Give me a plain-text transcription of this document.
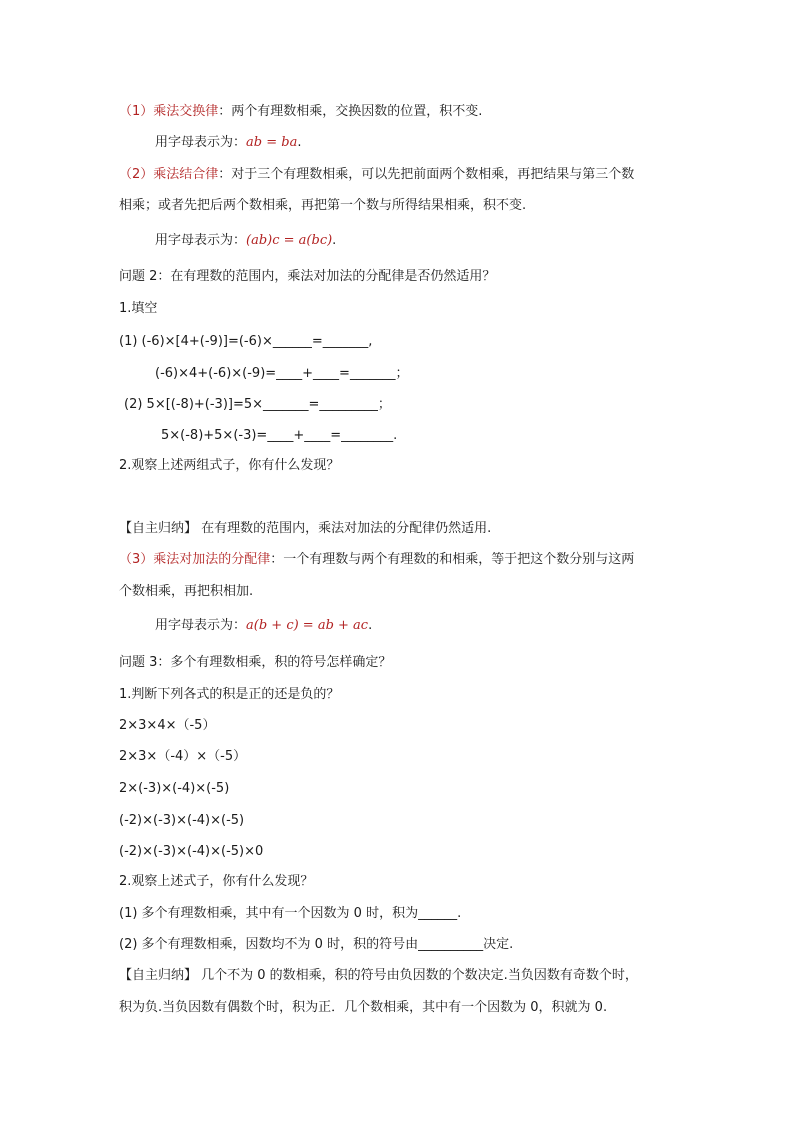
（1）乘法交换律：两个有理数相乘，交换因数的位置，积不变.
用字母表示为：ab = ba.
（2）乘法结合律：对于三个有理数相乘，可以先把前面两个数相乘，再把结果与第三个数
相乘；或者先把后两个数相乘，再把第一个数与所得结果相乘，积不变.
用字母表示为：(ab)c = a(bc).
问题 2：在有理数的范围内，乘法对加法的分配律是否仍然适用？
1.填空
(1) (-6)×[4+(-9)]=(-6)×______=_______,
(-6)×4+(-6)×(-9)=____+____=_______；
(2) 5×[(-8)+(-3)]=5×_______=_________；
5×(-8)+5×(-3)=____+____=________.
2.观察上述两组式子，你有什么发现？
【自主归纳】 在有理数的范围内，乘法对加法的分配律仍然适用.
（3）乘法对加法的分配律：一个有理数与两个有理数的和相乘，等于把这个数分别与这两
个数相乘，再把积相加.
用字母表示为：a(b + c) = ab + ac.
问题 3：多个有理数相乘，积的符号怎样确定？
1.判断下列各式的积是正的还是负的？
2×3×4×（-5）
2×3×（-4）×（-5）
2×(-3)×(-4)×(-5)
(-2)×(-3)×(-4)×(-5)
(-2)×(-3)×(-4)×(-5)×0
2.观察上述式子，你有什么发现？
(1) 多个有理数相乘，其中有一个因数为 0 时，积为______.
(2) 多个有理数相乘，因数均不为 0 时，积的符号由__________决定.
【自主归纳】 几个不为 0 的数相乘，积的符号由负因数的个数决定.当负因数有奇数个时，
积为负.当负因数有偶数个时，积为正．几个数相乘，其中有一个因数为 0，积就为 0.
